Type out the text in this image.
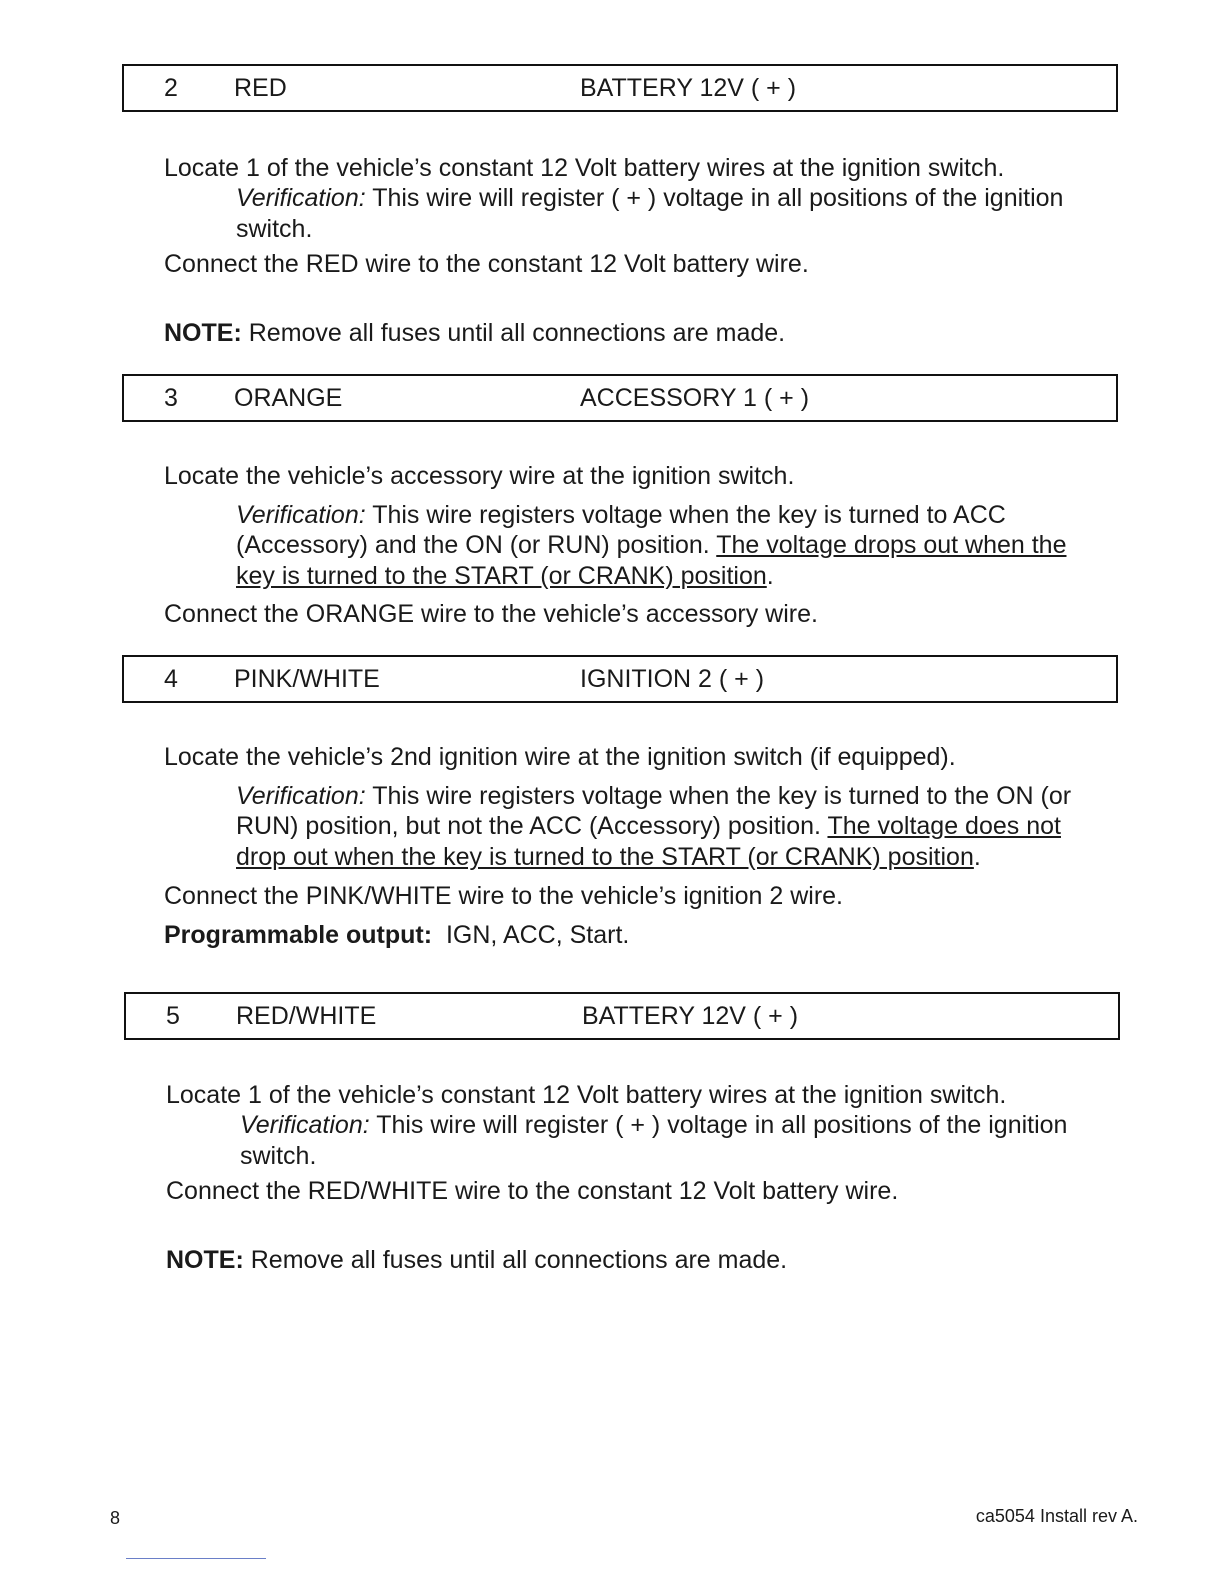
2 RED	BATTERY 12V ( + )
Locate 1 of the vehicle’s constant 12 Volt battery wires at the ignition switch.
Verification: This wire will register ( + ) voltage in all positions of the ignition
switch.
Connect the RED wire to the constant 12 Volt battery wire.
NOTE: Remove all fuses until all connections are made.
3 ORANGE	ACCESSORY 1 ( + )
Locate the vehicle’s accessory wire at the ignition switch.
Verification: This wire registers voltage when the key is turned to ACC
(Accessory) and the ON (or RUN) position. The voltage drops out when the
key is turned to the START (or CRANK) position.
Connect the ORANGE wire to the vehicle’s accessory wire.
4 PINK/WHITE	IGNITION 2 ( + )
Locate the vehicle’s 2nd ignition wire at the ignition switch (if equipped).
Verification: This wire registers voltage when the key is turned to the ON (or
RUN) position, but not the ACC (Accessory) position. The voltage does not
drop out when the key is turned to the START (or CRANK) position.
Connect the PINK/WHITE wire to the vehicle’s ignition 2 wire.
Programmable output: IGN, ACC, Start.
5 RED/WHITE	BATTERY 12V ( + )
Locate 1 of the vehicle’s constant 12 Volt battery wires at the ignition switch.
Verification: This wire will register ( + ) voltage in all positions of the ignition
switch.
Connect the RED/WHITE wire to the constant 12 Volt battery wire.
NOTE: Remove all fuses until all connections are made.
8	ca5054 Install rev A.
